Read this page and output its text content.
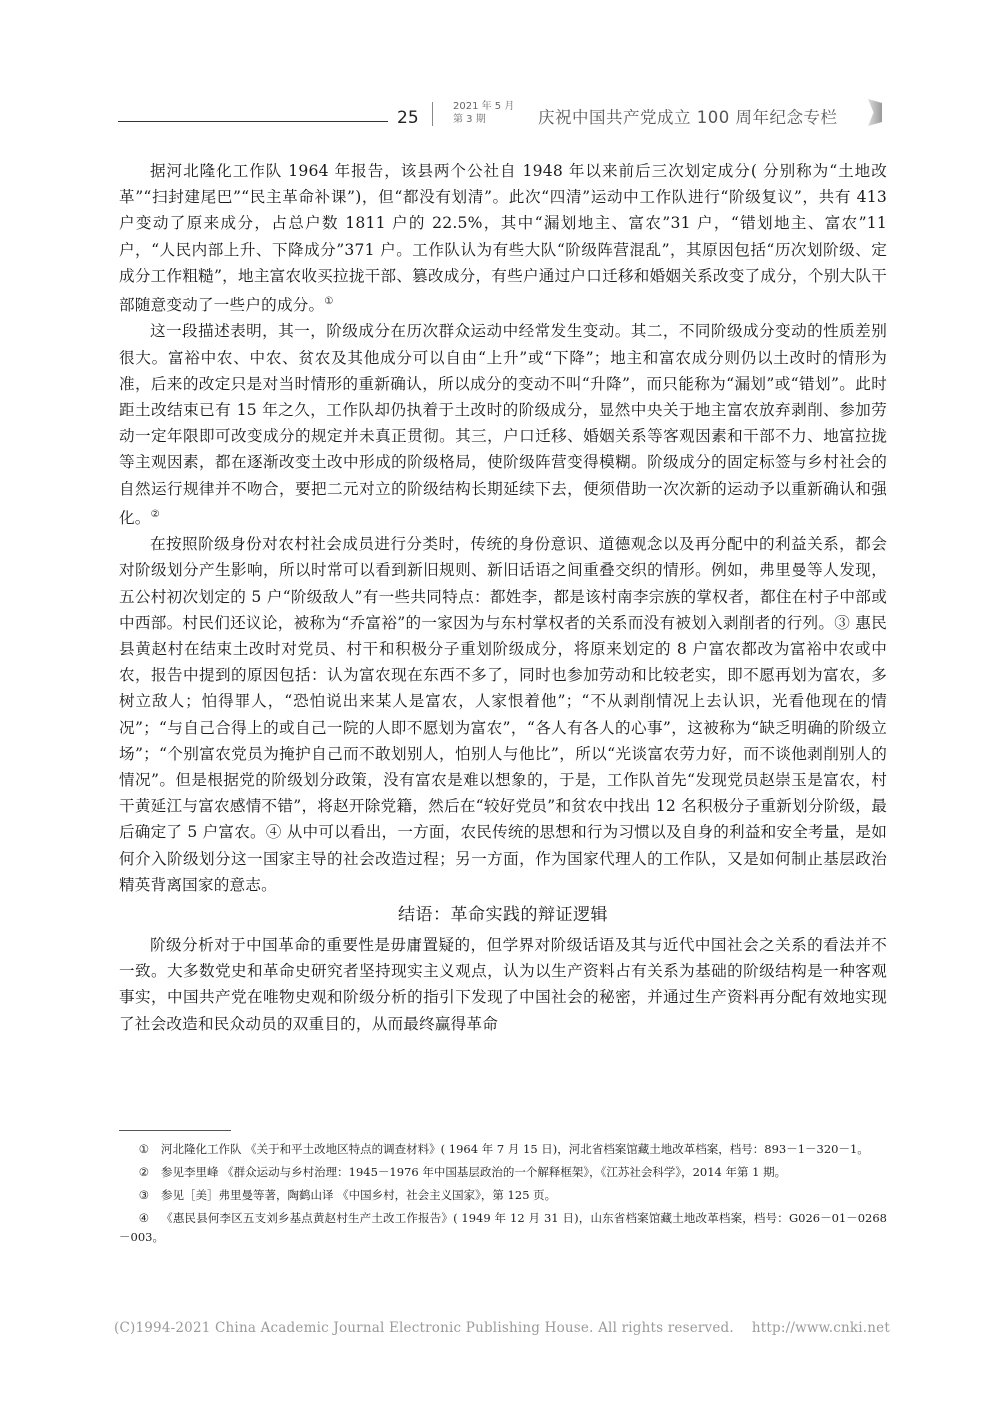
25
2021 年 5 月
第 3 期	庆祝中国共产党成立 100 周年纪念专栏

据河北隆化工作队 1964 年报告，该县两个公社自 1948 年以来前后三次划定成分( 分别称为“土地改革”“扫封建尾巴”“民主革命补课”)，但“都没有划清”。此次“四清”运动中工作队进行“阶级复议”，共有 413 户变动了原来成分，占总户数 1811 户的 22.5%，其中“漏划地主、富农”31 户，“错划地主、富农”11 户，“人民内部上升、下降成分”371 户。工作队认为有些大队“阶级阵营混乱”，其原因包括“历次划阶级、定成分工作粗糙”，地主富农收买拉拢干部、篡改成分，有些户通过户口迁移和婚姻关系改变了成分，个别大队干部随意变动了一些户的成分。①

这一段描述表明，其一，阶级成分在历次群众运动中经常发生变动。其二，不同阶级成分变动的性质差别很大。富裕中农、中农、贫农及其他成分可以自由“上升”或“下降”；地主和富农成分则仍以土改时的情形为准，后来的改定只是对当时情形的重新确认，所以成分的变动不叫“升降”，而只能称为“漏划”或“错划”。此时距土改结束已有 15 年之久，工作队却仍执着于土改时的阶级成分，显然中央关于地主富农放弃剥削、参加劳动一定年限即可改变成分的规定并未真正贯彻。其三，户口迁移、婚姻关系等客观因素和干部不力、地富拉拢等主观因素，都在逐渐改变土改中形成的阶级格局，使阶级阵营变得模糊。阶级成分的固定标签与乡村社会的自然运行规律并不吻合，要把二元对立的阶级结构长期延续下去，便须借助一次次新的运动予以重新确认和强化。②

在按照阶级身份对农村社会成员进行分类时，传统的身份意识、道德观念以及再分配中的利益关系，都会对阶级划分产生影响，所以时常可以看到新旧规则、新旧话语之间重叠交织的情形。例如，弗里曼等人发现，五公村初次划定的 5 户“阶级敌人”有一些共同特点：都姓李，都是该村南李宗族的掌权者，都住在村子中部或中西部。村民们还议论，被称为“乔富裕”的一家因为与东村掌权者的关系而没有被划入剥削者的行列。③ 惠民县黄赵村在结束土改时对党员、村干和积极分子重划阶级成分，将原来划定的 8 户富农都改为富裕中农或中农，报告中提到的原因包括：认为富农现在东西不多了，同时也参加劳动和比较老实，即不愿再划为富农，多树立敌人；怕得罪人，“恐怕说出来某人是富农，人家恨着他”；“不从剥削情况上去认识，光看他现在的情况”；“与自己合得上的或自己一院的人即不愿划为富农”，“各人有各人的心事”，这被称为“缺乏明确的阶级立场”；“个别富农党员为掩护自己而不敢划别人，怕别人与他比”，所以“光谈富农劳力好，而不谈他剥削别人的情况”。但是根据党的阶级划分政策，没有富农是难以想象的，于是，工作队首先“发现党员赵崇玉是富农，村干黄延江与富农感情不错”，将赵开除党籍，然后在“较好党员”和贫农中找出 12 名积极分子重新划分阶级，最后确定了 5 户富农。④ 从中可以看出，一方面，农民传统的思想和行为习惯以及自身的利益和安全考量，是如何介入阶级划分这一国家主导的社会改造过程；另一方面，作为国家代理人的工作队，又是如何制止基层政治精英背离国家的意志。

结语：革命实践的辩证逻辑

阶级分析对于中国革命的重要性是毋庸置疑的，但学界对阶级话语及其与近代中国社会之关系的看法并不一致。大多数党史和革命史研究者坚持现实主义观点，认为以生产资料占有关系为基础的阶级结构是一种客观事实，中国共产党在唯物史观和阶级分析的指引下发现了中国社会的秘密，并通过生产资料再分配有效地实现了社会改造和民众动员的双重目的，从而最终赢得革命

① 河北隆化工作队 《关于和平土改地区特点的调查材料》( 1964 年 7 月 15 日)，河北省档案馆藏土地改革档案，档号：893－1－320－1。

② 参见李里峰 《群众运动与乡村治理：1945－1976 年中国基层政治的一个解释框架》，《江苏社会科学》，2014 年第 1 期。

③ 参见［美］弗里曼等著，陶鹤山译 《中国乡村，社会主义国家》，第 125 页。

④ 《惠民县何李区五支刘乡基点黄赵村生产土改工作报告》( 1949 年 12 月 31 日)，山东省档案馆藏土地改革档案，档号：G026－01－0268－003。

(C)1994-2021 China Academic Journal Electronic Publishing House. All rights reserved.    http://www.cnki.net
